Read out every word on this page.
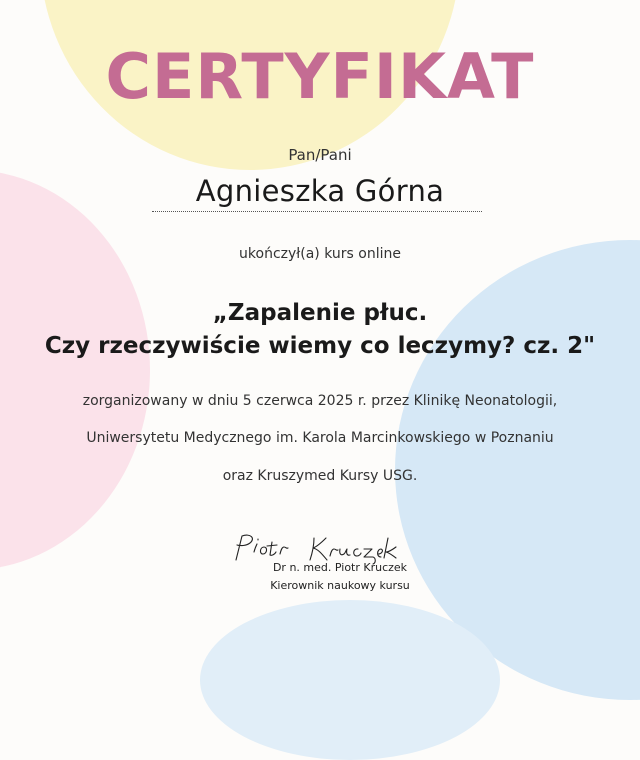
CERTYFIKAT
Pan/Pani
Agnieszka Górna
ukończył(a) kurs online
„Zapalenie płuc.
Czy rzeczywiście wiemy co leczymy? cz. 2"
zorganizowany w dniu 5 czerwca 2025 r. przez Klinikę Neonatologii,
Uniwersytetu Medycznego im. Karola Marcinkowskiego w Poznaniu
oraz Kruszymed Kursy USG.
Dr n. med. Piotr Kruczek
Kierownik naukowy kursu
